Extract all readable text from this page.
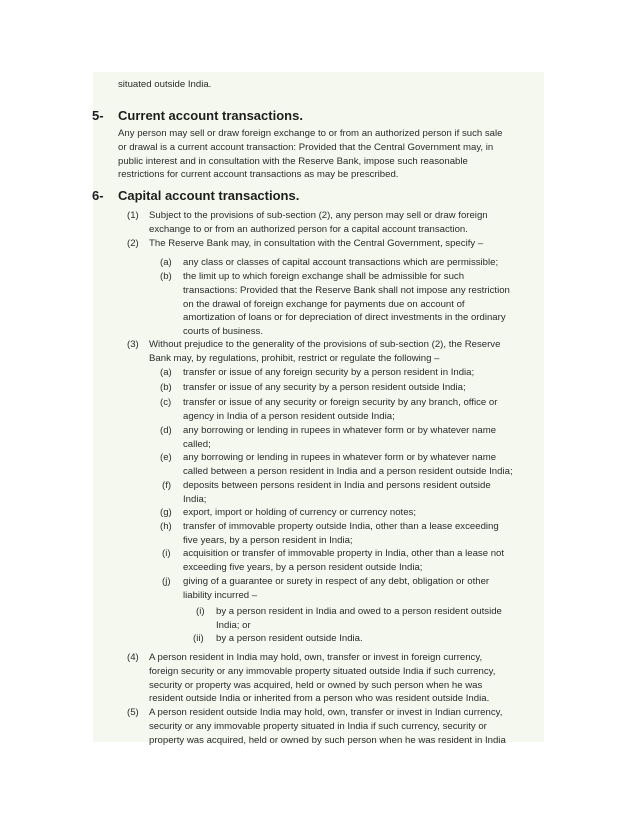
situated outside India.
5- Current account transactions.
Any person may sell or draw foreign exchange to or from an authorized person if such sale
or drawal is a current account transaction: Provided that the Central Government may, in
public interest and in consultation with the Reserve Bank, impose such reasonable
restrictions for current account transactions as may be prescribed.
6- Capital account transactions.
(1) Subject to the provisions of sub-section (2), any person may sell or draw foreign
exchange to or from an authorized person for a capital account transaction.
(2) The Reserve Bank may, in consultation with the Central Government, specify –
(a) any class or classes of capital account transactions which are permissible;
(b) the limit up to which foreign exchange shall be admissible for such
transactions: Provided that the Reserve Bank shall not impose any restriction
on the drawal of foreign exchange for payments due on account of
amortization of loans or for depreciation of direct investments in the ordinary
courts of business.
(3) Without prejudice to the generality of the provisions of sub-section (2), the Reserve
Bank may, by regulations, prohibit, restrict or regulate the following –
(a) transfer or issue of any foreign security by a person resident in India;
(b) transfer or issue of any security by a person resident outside India;
(c) transfer or issue of any security or foreign security by any branch, office or
agency in India of a person resident outside India;
(d) any borrowing or lending in rupees in whatever form or by whatever name
called;
(e) any borrowing or lending in rupees in whatever form or by whatever name
called between a person resident in India and a person resident outside India;
(f) deposits between persons resident in India and persons resident outside
India;
(g) export, import or holding of currency or currency notes;
(h) transfer of immovable property outside India, other than a lease exceeding
five years, by a person resident in India;
(i) acquisition or transfer of immovable property in India, other than a lease not
exceeding five years, by a person resident outside India;
(j) giving of a guarantee or surety in respect of any debt, obligation or other
liability incurred –
(i) by a person resident in India and owed to a person resident outside
India; or
(ii) by a person resident outside India.
(4) A person resident in India may hold, own, transfer or invest in foreign currency,
foreign security or any immovable property situated outside India if such currency,
security or property was acquired, held or owned by such person when he was
resident outside India or inherited from a person who was resident outside India.
(5) A person resident outside India may hold, own, transfer or invest in Indian currency,
security or any immovable property situated in India if such currency, security or
property was acquired, held or owned by such person when he was resident in India
